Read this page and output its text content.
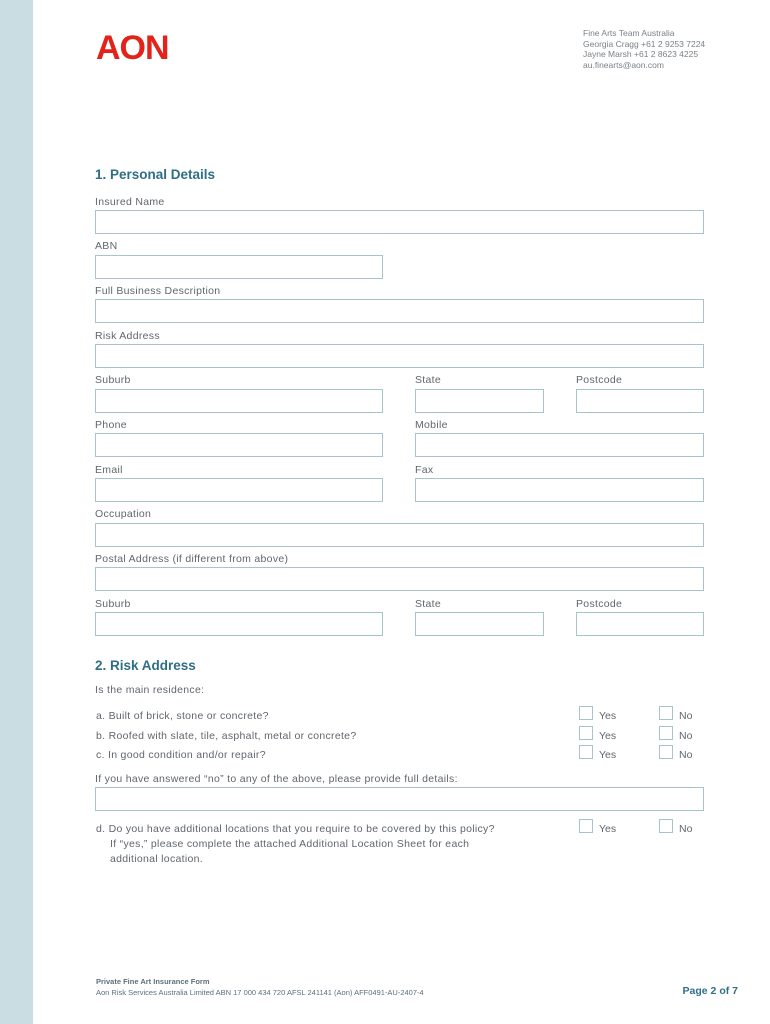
AON	Fine Arts Team Australia
Georgia Cragg +61 2 9253 7224
Jayne Marsh +61 2 8623 4225
au.finearts@aon.com
1. Personal Details
Insured Name
ABN
Full Business Description
Risk Address
Suburb	State	Postcode
Phone	Mobile
Email	Fax
Occupation
Postal Address (if different from above)
Suburb	State	Postcode
2. Risk Address
Is the main residence:
a. Built of brick, stone or concrete?	Yes	No
b. Roofed with slate, tile, asphalt, metal or concrete?	Yes	No
c. In good condition and/or repair?	Yes	No
If you have answered “no” to any of the above, please provide full details:
d. Do you have additional locations that you require to be covered by this policy?
If “yes,” please complete the attached Additional Location Sheet for each
additional location.
Yes	No
Private Fine Art Insurance Form
Aon Risk Services Australia Limited ABN 17 000 434 720 AFSL 241141 (Aon) AFF0491-AU-2407-4	Page 2 of 7
